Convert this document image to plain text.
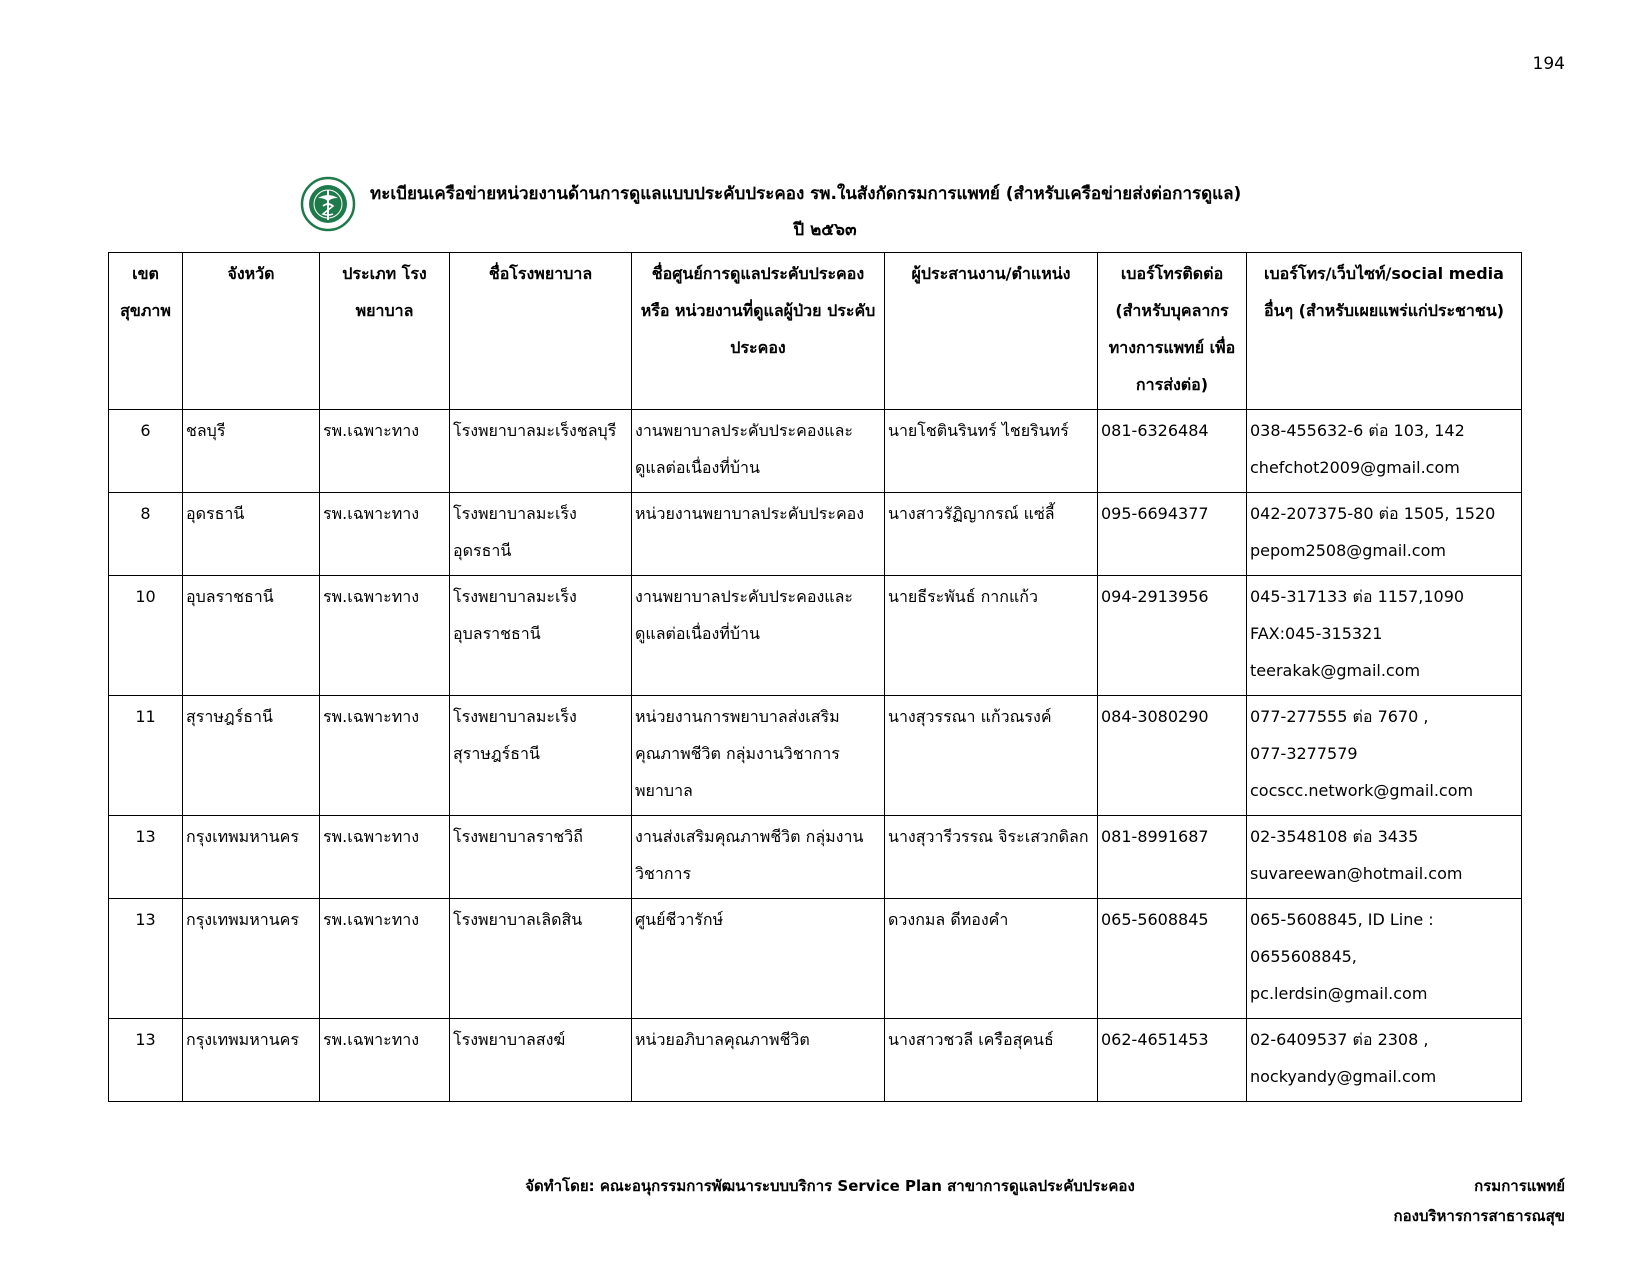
194
ทะเบียนเครือข่ายหน่วยงานด้านการดูแลแบบประคับประคอง รพ.ในสังกัดกรมการแพทย์ (สำหรับเครือข่ายส่งต่อการดูแล)
ปี ๒๕๖๓
เขต สุขภาพ	จังหวัด	ประเภท โรงพยาบาล	ชื่อโรงพยาบาล	ชื่อศูนย์การดูแลประคับประคอง หรือ หน่วยงานที่ดูแลผู้ป่วย ประคับประคอง	ผู้ประสานงาน/ตำแหน่ง	เบอร์โทรติดต่อ (สำหรับบุคลากร ทางการแพทย์ เพื่อการส่งต่อ)	เบอร์โทร/เว็บไซท์/social media อื่นๆ (สำหรับเผยแพร่แก่ประชาชน)
6	ชลบุรี	รพ.เฉพาะทาง	โรงพยาบาลมะเร็งชลบุรี	งานพยาบาลประคับประคองและดูแลต่อเนื่องที่บ้าน	นายโชตินรินทร์ ไชยรินทร์	081-6326484	038-455632-6 ต่อ 103, 142
chefchot2009@gmail.com
8	อุดรธานี	รพ.เฉพาะทาง	โรงพยาบาลมะเร็งอุดรธานี	หน่วยงานพยาบาลประคับประคอง	นางสาวรัฏิญากรณ์ แซ่ลี้	095-6694377	042-207375-80 ต่อ 1505, 1520
pepom2508@gmail.com
10	อุบลราชธานี	รพ.เฉพาะทาง	โรงพยาบาลมะเร็งอุบลราชธานี	งานพยาบาลประคับประคองและดูแลต่อเนื่องที่บ้าน	นายธีระพันธ์ กากแก้ว	094-2913956	045-317133 ต่อ 1157,1090
FAX:045-315321
teerakak@gmail.com
11	สุราษฎร์ธานี	รพ.เฉพาะทาง	โรงพยาบาลมะเร็งสุราษฎร์ธานี	หน่วยงานการพยาบาลส่งเสริมคุณภาพชีวิต กลุ่มงานวิชาการพยาบาล	นางสุวรรณา แก้วณรงค์	084-3080290	077-277555 ต่อ 7670 ,
077-3277579
cocscc.network@gmail.com
13	กรุงเทพมหานคร	รพ.เฉพาะทาง	โรงพยาบาลราชวิถี	งานส่งเสริมคุณภาพชีวิต กลุ่มงานวิชาการ	นางสุวารีวรรณ จิระเสวกดิลก	081-8991687	02-3548108 ต่อ 3435
suvareewan@hotmail.com
13	กรุงเทพมหานคร	รพ.เฉพาะทาง	โรงพยาบาลเลิดสิน	ศูนย์ชีวารักษ์	ดวงกมล ดีทองคำ	065-5608845	065-5608845, ID Line :
0655608845,
pc.lerdsin@gmail.com
13	กรุงเทพมหานคร	รพ.เฉพาะทาง	โรงพยาบาลสงฆ์	หน่วยอภิบาลคุณภาพชีวิต	นางสาวชวลี เครือสุคนธ์	062-4651453	02-6409537 ต่อ 2308 ,
nockyandy@gmail.com
จัดทำโดย: คณะอนุกรรมการพัฒนาระบบบริการ Service Plan สาขาการดูแลประคับประคอง	กรมการแพทย์
กองบริหารการสาธารณสุข
